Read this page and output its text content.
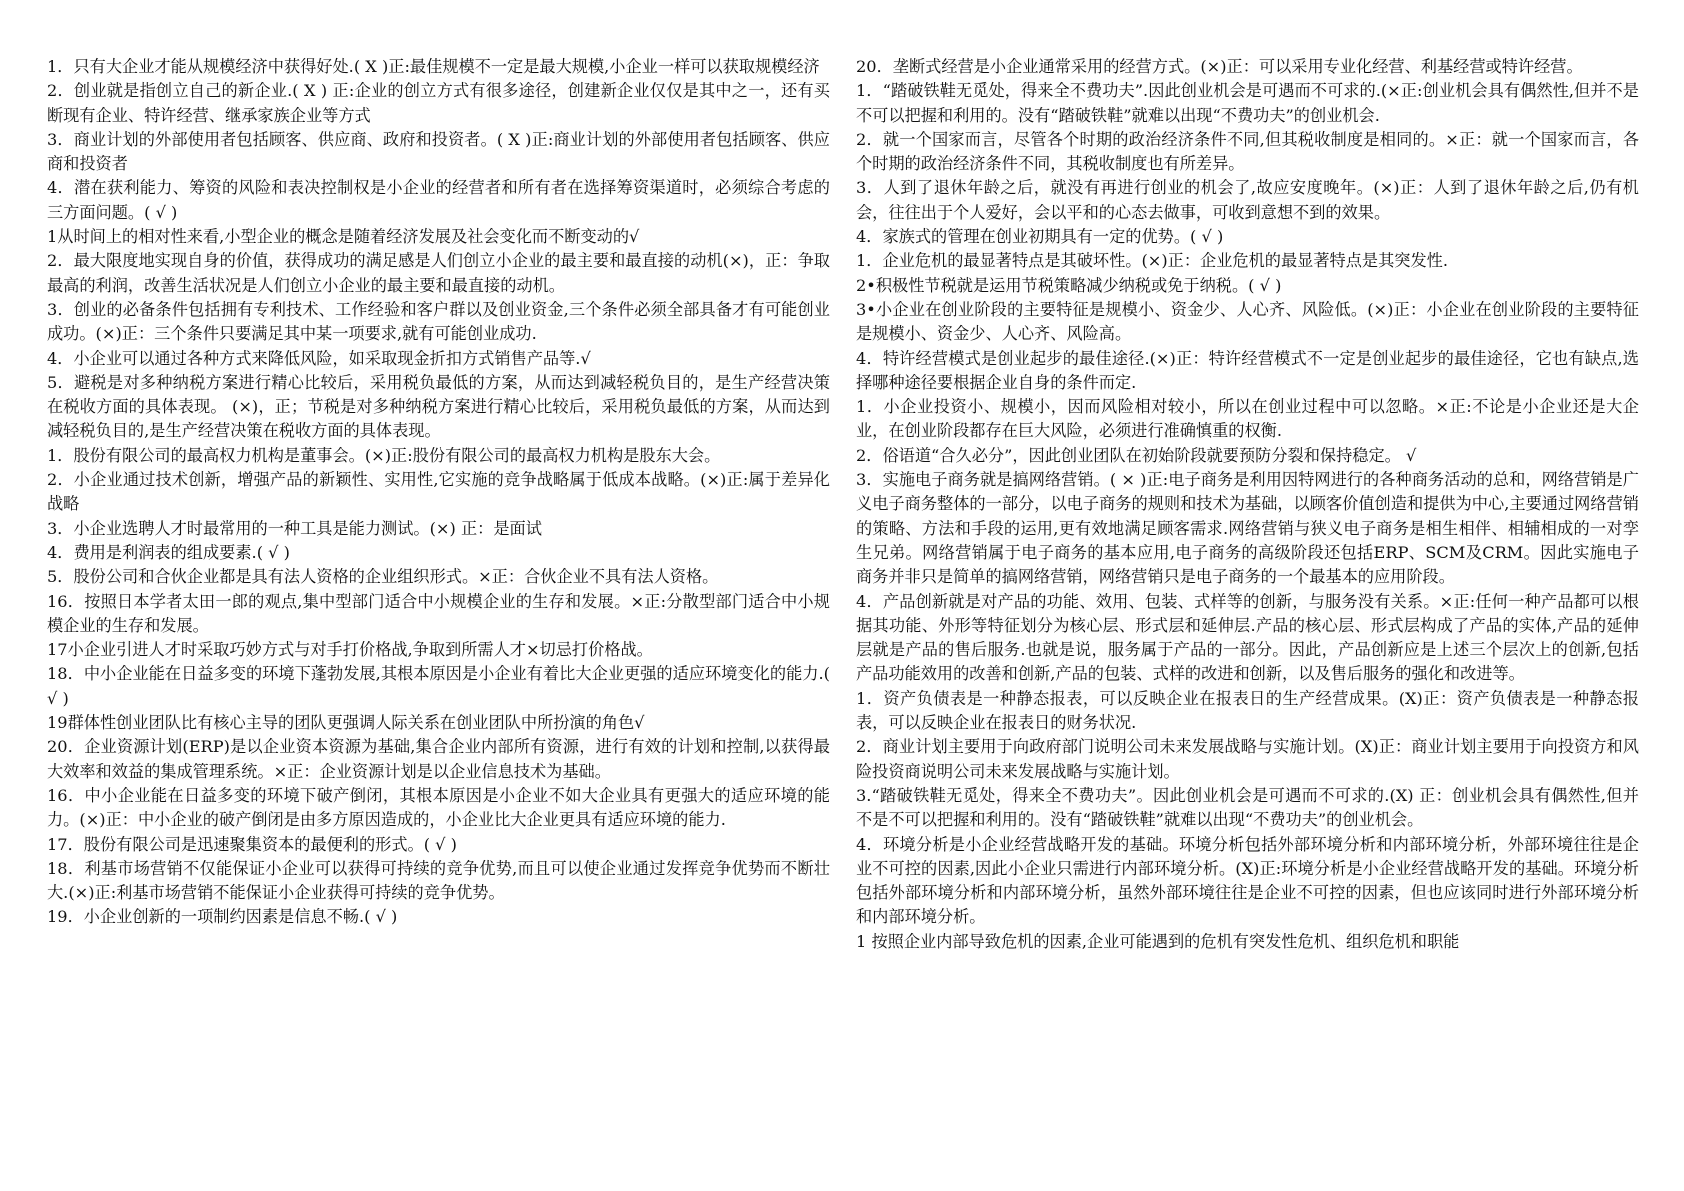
1．只有大企业才能从规模经济中获得好处.( X )正:最佳规模不一定是最大规模,小企业一样可以获取规模经济
2．创业就是指创立自己的新企业.( X ) 正:企业的创立方式有很多途径，创建新企业仅仅是其中之一，还有买断现有企业、特许经营、继承家族企业等方式
3．商业计划的外部使用者包括顾客、供应商、政府和投资者。( X )正:商业计划的外部使用者包括顾客、供应商和投资者
4．潜在获利能力、筹资的风险和表决控制权是小企业的经营者和所有者在选择筹资渠道时，必须综合考虑的三方面问题。( √ )
1从时间上的相对性来看,小型企业的概念是随着经济发展及社会变化而不断变动的√
2．最大限度地实现自身的价值，获得成功的满足感是人们创立小企业的最主要和最直接的动机(×)，正：争取最高的利润，改善生活状况是人们创立小企业的最主要和最直接的动机。
3．创业的必备条件包括拥有专利技术、工作经验和客户群以及创业资金,三个条件必须全部具备才有可能创业成功。(×)正：三个条件只要满足其中某一项要求,就有可能创业成功.
4．小企业可以通过各种方式来降低风险，如采取现金折扣方式销售产品等.√
5．避税是对多种纳税方案进行精心比较后，采用税负最低的方案，从而达到减轻税负目的，是生产经营决策在税收方面的具体表现。 (×)，正；节税是对多种纳税方案进行精心比较后，采用税负最低的方案，从而达到减轻税负目的,是生产经营决策在税收方面的具体表现。
1．股份有限公司的最高权力机构是董事会。(×)正:股份有限公司的最高权力机构是股东大会。
2．小企业通过技术创新，增强产品的新颖性、实用性,它实施的竞争战略属于低成本战略。(×)正:属于差异化战略
3．小企业选聘人才时最常用的一种工具是能力测试。(×) 正：是面试
4．费用是利润表的组成要素.( √ )
5．股份公司和合伙企业都是具有法人资格的企业组织形式。×正：合伙企业不具有法人资格。
16．按照日本学者太田一郎的观点,集中型部门适合中小规模企业的生存和发展。×正:分散型部门适合中小规模企业的生存和发展。
17小企业引进人才时采取巧妙方式与对手打价格战,争取到所需人才×切忌打价格战。
18．中小企业能在日益多变的环境下蓬勃发展,其根本原因是小企业有着比大企业更强的适应环境变化的能力.( √ )
19群体性创业团队比有核心主导的团队更强调人际关系在创业团队中所扮演的角色√
20．企业资源计划(ERP)是以企业资本资源为基础,集合企业内部所有资源，进行有效的计划和控制,以获得最大效率和效益的集成管理系统。×正：企业资源计划是以企业信息技术为基础。
16．中小企业能在日益多变的环境下破产倒闭，其根本原因是小企业不如大企业具有更强大的适应环境的能力。(×)正：中小企业的破产倒闭是由多方原因造成的，小企业比大企业更具有适应环境的能力.
17．股份有限公司是迅速聚集资本的最便利的形式。( √ )
18．利基市场营销不仅能保证小企业可以获得可持续的竞争优势,而且可以使企业通过发挥竞争优势而不断壮大.(×)正:利基市场营销不能保证小企业获得可持续的竞争优势。
19．小企业创新的一项制约因素是信息不畅.( √ )
20．垄断式经营是小企业通常采用的经营方式。(×)正：可以采用专业化经营、利基经营或特许经营。
1．“踏破铁鞋无觅处，得来全不费功夫”.因此创业机会是可遇而不可求的.(×正:创业机会具有偶然性,但并不是不可以把握和利用的。没有“踏破铁鞋”就难以出现“不费功夫”的创业机会.
2．就一个国家而言，尽管各个时期的政治经济条件不同,但其税收制度是相同的。×正：就一个国家而言，各个时期的政治经济条件不同，其税收制度也有所差异。
3．人到了退休年龄之后，就没有再进行创业的机会了,故应安度晚年。(×)正：人到了退休年龄之后,仍有机会，往往出于个人爱好，会以平和的心态去做事，可收到意想不到的效果。
4．家族式的管理在创业初期具有一定的优势。( √ )
1．企业危机的最显著特点是其破坏性。(×)正：企业危机的最显著特点是其突发性.
2•积极性节税就是运用节税策略减少纳税或免于纳税。( √ )
3•小企业在创业阶段的主要特征是规模小、资金少、人心齐、风险低。(×)正：小企业在创业阶段的主要特征是规模小、资金少、人心齐、风险高。
4．特许经营模式是创业起步的最佳途径.(×)正：特许经营模式不一定是创业起步的最佳途径，它也有缺点,选择哪种途径要根据企业自身的条件而定.
1．小企业投资小、规模小，因而风险相对较小，所以在创业过程中可以忽略。×正:不论是小企业还是大企业，在创业阶段都存在巨大风险，必须进行准确慎重的权衡.
2．俗语道“合久必分”，因此创业团队在初始阶段就要预防分裂和保持稳定。 √
3．实施电子商务就是搞网络营销。( × )正:电子商务是利用因特网进行的各种商务活动的总和，网络营销是广义电子商务整体的一部分，以电子商务的规则和技术为基础，以顾客价值创造和提供为中心,主要通过网络营销的策略、方法和手段的运用,更有效地满足顾客需求.网络营销与狭义电子商务是相生相伴、相辅相成的一对孪生兄弟。网络营销属于电子商务的基本应用,电子商务的高级阶段还包括ERP、SCM及CRM。因此实施电子商务并非只是简单的搞网络营销，网络营销只是电子商务的一个最基本的应用阶段。
4．产品创新就是对产品的功能、效用、包装、式样等的创新，与服务没有关系。×正:任何一种产品都可以根据其功能、外形等特征划分为核心层、形式层和延伸层.产品的核心层、形式层构成了产品的实体,产品的延伸层就是产品的售后服务.也就是说，服务属于产品的一部分。因此，产品创新应是上述三个层次上的创新,包括产品功能效用的改善和创新,产品的包装、式样的改进和创新，以及售后服务的强化和改进等。
1．资产负债表是一种静态报表，可以反映企业在报表日的生产经营成果。(X)正：资产负债表是一种静态报表，可以反映企业在报表日的财务状况.
2．商业计划主要用于向政府部门说明公司未来发展战略与实施计划。(X)正：商业计划主要用于向投资方和风险投资商说明公司未来发展战略与实施计划。
3.“踏破铁鞋无觅处，得来全不费功夫”。因此创业机会是可遇而不可求的.(X) 正：创业机会具有偶然性,但并不是不可以把握和利用的。没有“踏破铁鞋”就难以出现“不费功夫”的创业机会。
4．环境分析是小企业经营战略开发的基础。环境分析包括外部环境分析和内部环境分析，外部环境往往是企业不可控的因素,因此小企业只需进行内部环境分析。(X)正:环境分析是小企业经营战略开发的基础。环境分析包括外部环境分析和内部环境分析，虽然外部环境往往是企业不可控的因素，但也应该同时进行外部环境分析和内部环境分析。
1 按照企业内部导致危机的因素,企业可能遇到的危机有突发性危机、组织危机和职能
